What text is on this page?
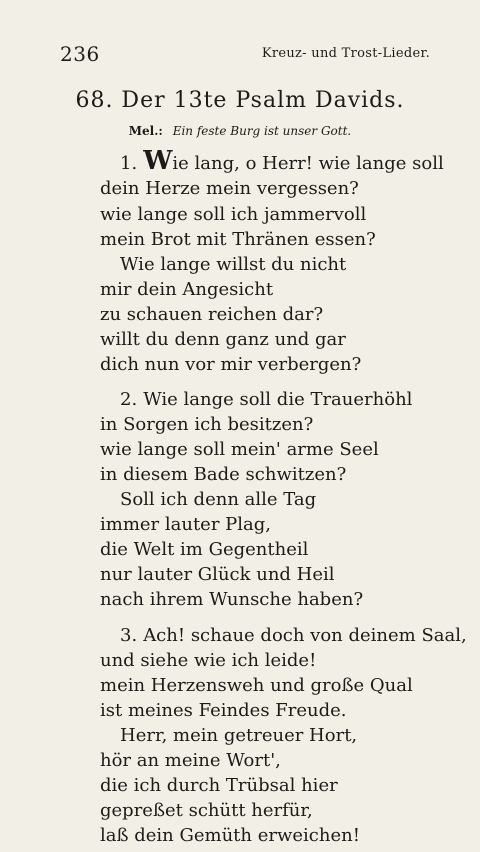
236	Kreuz- und Trost-Lieder.
68. Der 13te Psalm Davids.
Mel.: Ein feste Burg ist unser Gott.
1. Wie lang, o Herr! wie lange soll
dein Herze mein vergessen?
wie lange soll ich jammervoll
mein Brot mit Thränen essen?
Wie lange willst du nicht
mir dein Angesicht
zu schauen reichen dar?
willt du denn ganz und gar
dich nun vor mir verbergen?
2. Wie lange soll die Trauerhöhl
in Sorgen ich besitzen?
wie lange soll mein' arme Seel
in diesem Bade schwitzen?
Soll ich denn alle Tag
immer lauter Plag,
die Welt im Gegentheil
nur lauter Glück und Heil
nach ihrem Wunsche haben?
3. Ach! schaue doch von deinem Saal,
und siehe wie ich leide!
mein Herzensweh und große Qual
ist meines Feindes Freude.
Herr, mein getreuer Hort,
hör an meine Wort',
die ich durch Trübsal hier
gepreßet schütt herfür,
laß dein Gemüth erweichen!
